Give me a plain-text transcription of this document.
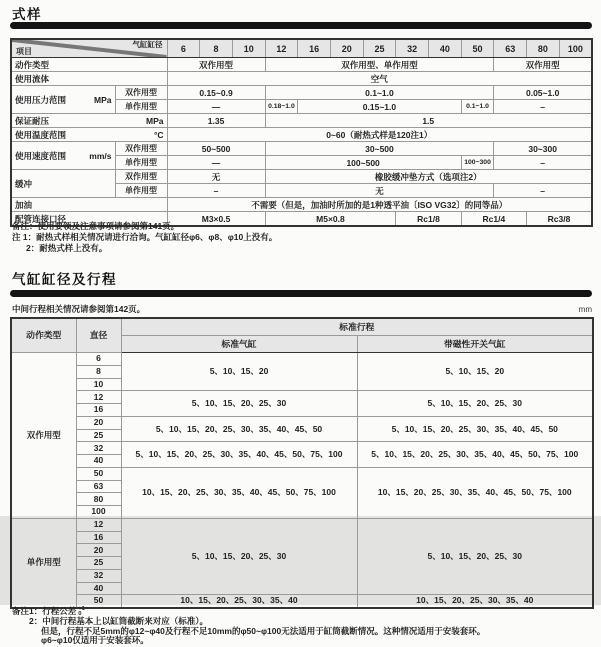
式样
气缸缸径
项目		6	8	10	12	16	20	25	32	40	50	63	80	100

动作类型		双作用型			双作用型、单作用型							双作用型		

使用流体		空气												

使用压力范围 MPa	双作用型	0.15~0.9			0.1~1.0							0.05~1.0		
	单作用型	—			0.18~1.0	0.15~1.0					0.1~1.0	–		

保证耐压 MPa		1.35			1.5									

使用温度范围 °C		0~60（耐热式样是120注1）												

使用速度范围 mm/s	双作用型	50~500			30~500							30~300		
	单作用型	—			100~500						100~300	–		

缓冲	双作用型	无			橡胶缓冲垫方式（选项注2）									
	单作用型	–			无							–		

加油		不需要（但是，加油时所加的是1种透平油〔ISO VG32〕的同等品）												

配管连接口径		M3×0.5			M5×0.8				Rc1/8		Rc1/4		Rc3/8	
备注：使用要领及注意事项请参阅第141页。
注 1：耐热式样相关情况请进行洽询。气缸缸径φ6、φ8、φ10上没有。
2：耐热式样上没有。
气缸缸径及行程
中间行程相关情况请参阅第142页。	mm
动作类型	直径	标准行程	
		标准气缸	带磁性开关气缸
双作用型	6	5、10、15、20	5、10、15、20
	8		
	10		
	12	5、10、15、20、25、30	5、10、15、20、25、30
	16		
	20	5、10、15、20、25、30、35、40、45、50	5、10、15、20、25、30、35、40、45、50
	25		
	32	5、10、15、20、25、30、35、40、45、50、75、100	5、10、15、20、25、30、35、40、45、50、75、100
	40		
	50	10、15、20、25、30、35、40、45、50、75、100	10、15、20、25、30、35、40、45、50、75、100
	63		
	80		
	100		
单作用型	12	5、10、15、20、25、30	5、10、15、20、25、30
	16		
	20		
	25		
	32		
	40		
	50	10、15、20、25、30、35、40	10、15、20、25、30、35、40
备注1：行程公差 +1
0
2：中间行程基本上以缸筒截断来对应（标准）。
但是，行程不足5mm的φ12~φ40及行程不足10mm的φ50~φ100无法适用于缸筒截断情况。这种情况适用于安装套环。
φ6~φ10仅适用于安装套环。
